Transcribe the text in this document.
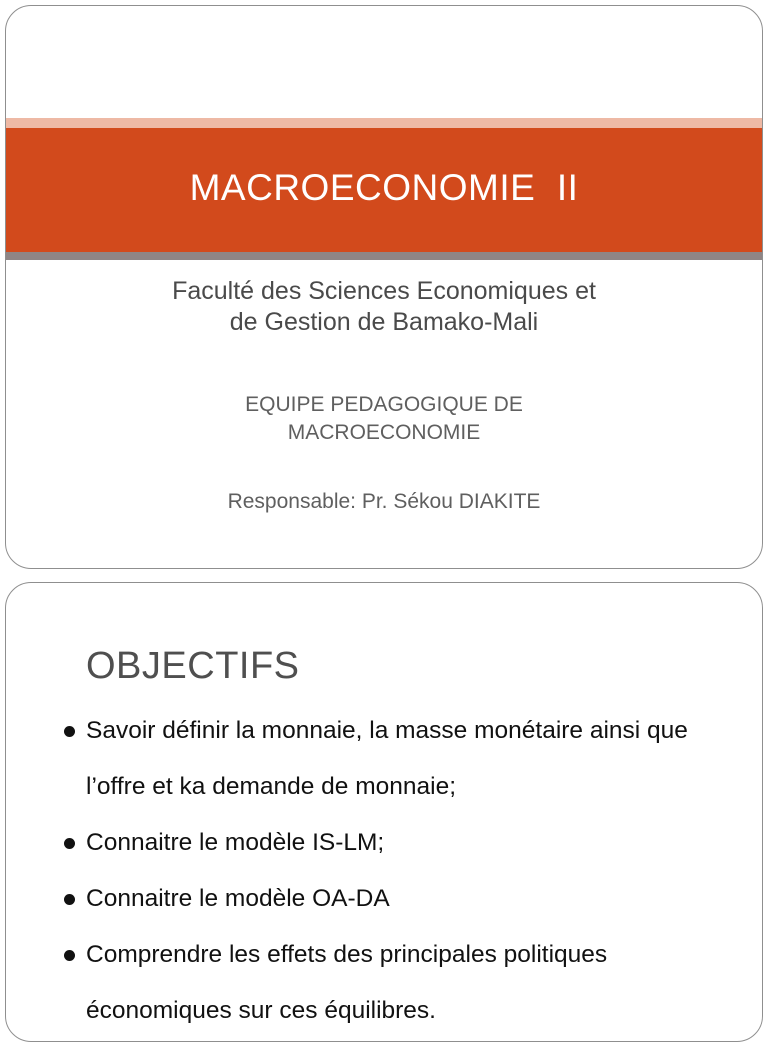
MACROECONOMIE  II
Faculté des Sciences Economiques et
de Gestion de Bamako-Mali
EQUIPE PEDAGOGIQUE DE
MACROECONOMIE
Responsable: Pr. Sékou DIAKITE
OBJECTIFS
Savoir définir la monnaie, la masse monétaire ainsi que l’offre et ka demande de monnaie;
Connaitre le modèle IS-LM;
Connaitre le modèle OA-DA
Comprendre les effets des principales politiques économiques sur ces équilibres.
